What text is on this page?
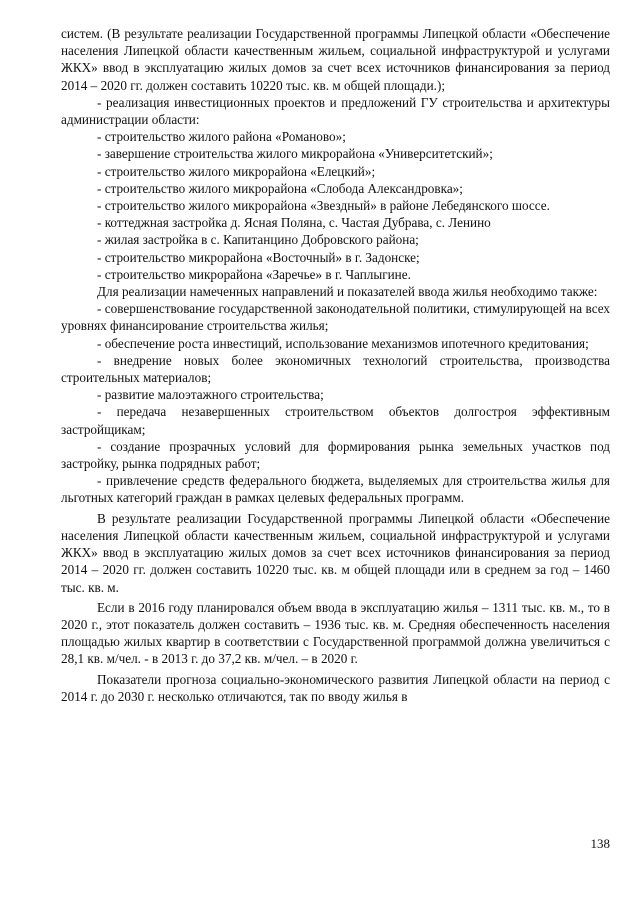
систем. (В результате реализации Государственной программы Липецкой области «Обеспечение населения Липецкой области качественным жильем, социальной инфраструктурой и услугами ЖКХ» ввод в эксплуатацию жилых домов за счет всех источников финансирования за период 2014 – 2020 гг. должен составить 10220 тыс. кв. м общей площади.);

- реализация инвестиционных проектов и предложений ГУ строительства и архитектуры администрации области:

- строительство жилого района «Романово»;

- завершение строительства жилого микрорайона «Университетский»;

- строительство жилого микрорайона «Елецкий»;

- строительство жилого микрорайона «Слобода Александровка»;

- строительство жилого микрорайона «Звездный» в районе Лебедянского шоссе.

- коттеджная застройка д. Ясная Поляна, с. Частая Дубрава, с. Ленино

- жилая застройка в с. Капитанцино Добровского района;

- строительство микрорайона «Восточный» в г. Задонске;

- строительство микрорайона «Заречье» в г. Чаплыгине.

Для реализации намеченных направлений и показателей ввода жилья необходимо также:

- совершенствование государственной законодательной политики, стимулирующей на всех уровнях финансирование строительства жилья;

- обеспечение роста инвестиций, использование механизмов ипотечного кредитования;

- внедрение новых более экономичных технологий строительства, производства строительных материалов;

- развитие малоэтажного строительства;

- передача незавершенных строительством объектов долгостроя эффективным застройщикам;

- создание прозрачных условий для формирования рынка земельных участков под застройку, рынка подрядных работ;

- привлечение средств федерального бюджета, выделяемых для строительства жилья для льготных категорий граждан в рамках целевых федеральных программ.

В результате реализации Государственной программы Липецкой области «Обеспечение населения Липецкой области качественным жильем, социальной инфраструктурой и услугами ЖКХ» ввод в эксплуатацию жилых домов за счет всех источников финансирования за период 2014 – 2020 гг. должен составить 10220 тыс. кв. м общей площади или в среднем за год – 1460 тыс. кв. м.

Если в 2016 году планировался объем ввода в эксплуатацию жилья – 1311 тыс. кв. м., то в 2020 г., этот показатель должен составить – 1936 тыс. кв. м. Средняя обеспеченность населения площадью жилых квартир в соответствии с Государственной программой должна увеличиться с 28,1 кв. м/чел. - в 2013 г. до 37,2 кв. м/чел. – в 2020 г.

Показатели прогноза социально-экономического развития Липецкой области на период с 2014 г. до 2030 г. несколько отличаются, так по вводу жилья в

138
